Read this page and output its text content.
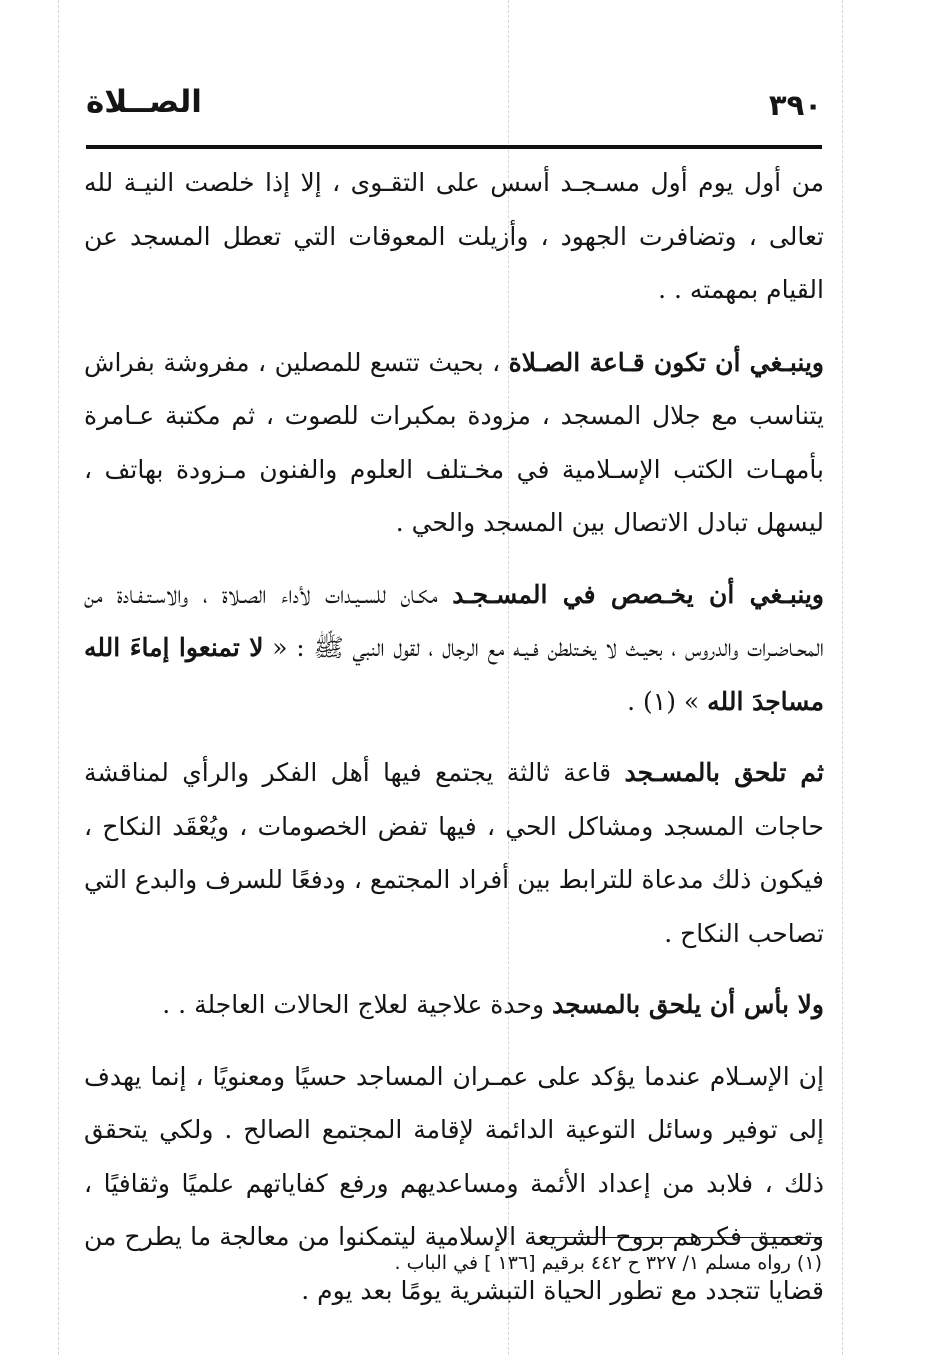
٣٩٠
الصــلاة

من أول يوم أول مسـجـد أسس على التقـوى ، إلا إذا خلصت النيـة لله تعالى ، وتضافرت الجهود ، وأزيلت المعوقات التي تعطل المسجد عن القيام بمهمته . .

وينبـغي أن تكون قـاعة الصـلاة ، بحيث تتسع للمصلين ، مفروشة بفراش يتناسب مع جلال المسجد ، مزودة بمكبرات للصوت ، ثم مكتبة عـامرة بأمهـات الكتب الإسـلامية في مخـتلف العلوم والفنون مـزودة بهاتف ، ليسهل تبادل الاتصال بين المسجد والحي .

وينبـغي أن يخـصص في المسـجـد مكـان للسـيـدات لأداء الصـلاة ، والاسـتـفـادة من المحـاضـرات والدروس ، بحيـث لا يخـتلطن فـيـه مع الرجال ، لقول النبي ﷺ : « لا تمنعوا إماءَ الله مساجدَ الله » (١) .

ثم تلحق بالمسـجد قاعة ثالثة يجتمع فيها أهل الفكر والرأي لمناقشة حاجات المسجد ومشاكل الحي ، فيها تفض الخصومات ، ويُعْقَد النكاح ، فيكون ذلك مدعاة للترابط بين أفراد المجتمع ، ودفعًا للسرف والبدع التي تصاحب النكاح .

ولا بأس أن يلحق بالمسجد وحدة علاجية لعلاج الحالات العاجلة . .

إن الإسـلام عندما يؤكد على عمـران المساجد حسيًا ومعنويًا ، إنما يهدف إلى توفير وسائل التوعية الدائمة لإقامة المجتمع الصالح . ولكي يتحقق ذلك ، فلابد من إعداد الأئمة ومساعديهم ورفع كفاياتهم علميًا وثقافيًا ، وتعميق فكرهم بروح الشريعة الإسلامية ليتمكنوا من معالجة ما يطرح من قضايا تتجدد مع تطور الحياة التبشرية يومًا بعد يوم .

(١) رواه مسلم ١/ ٣٢٧ ح ٤٤٢ برقيم [١٣٦ ] في الباب .
